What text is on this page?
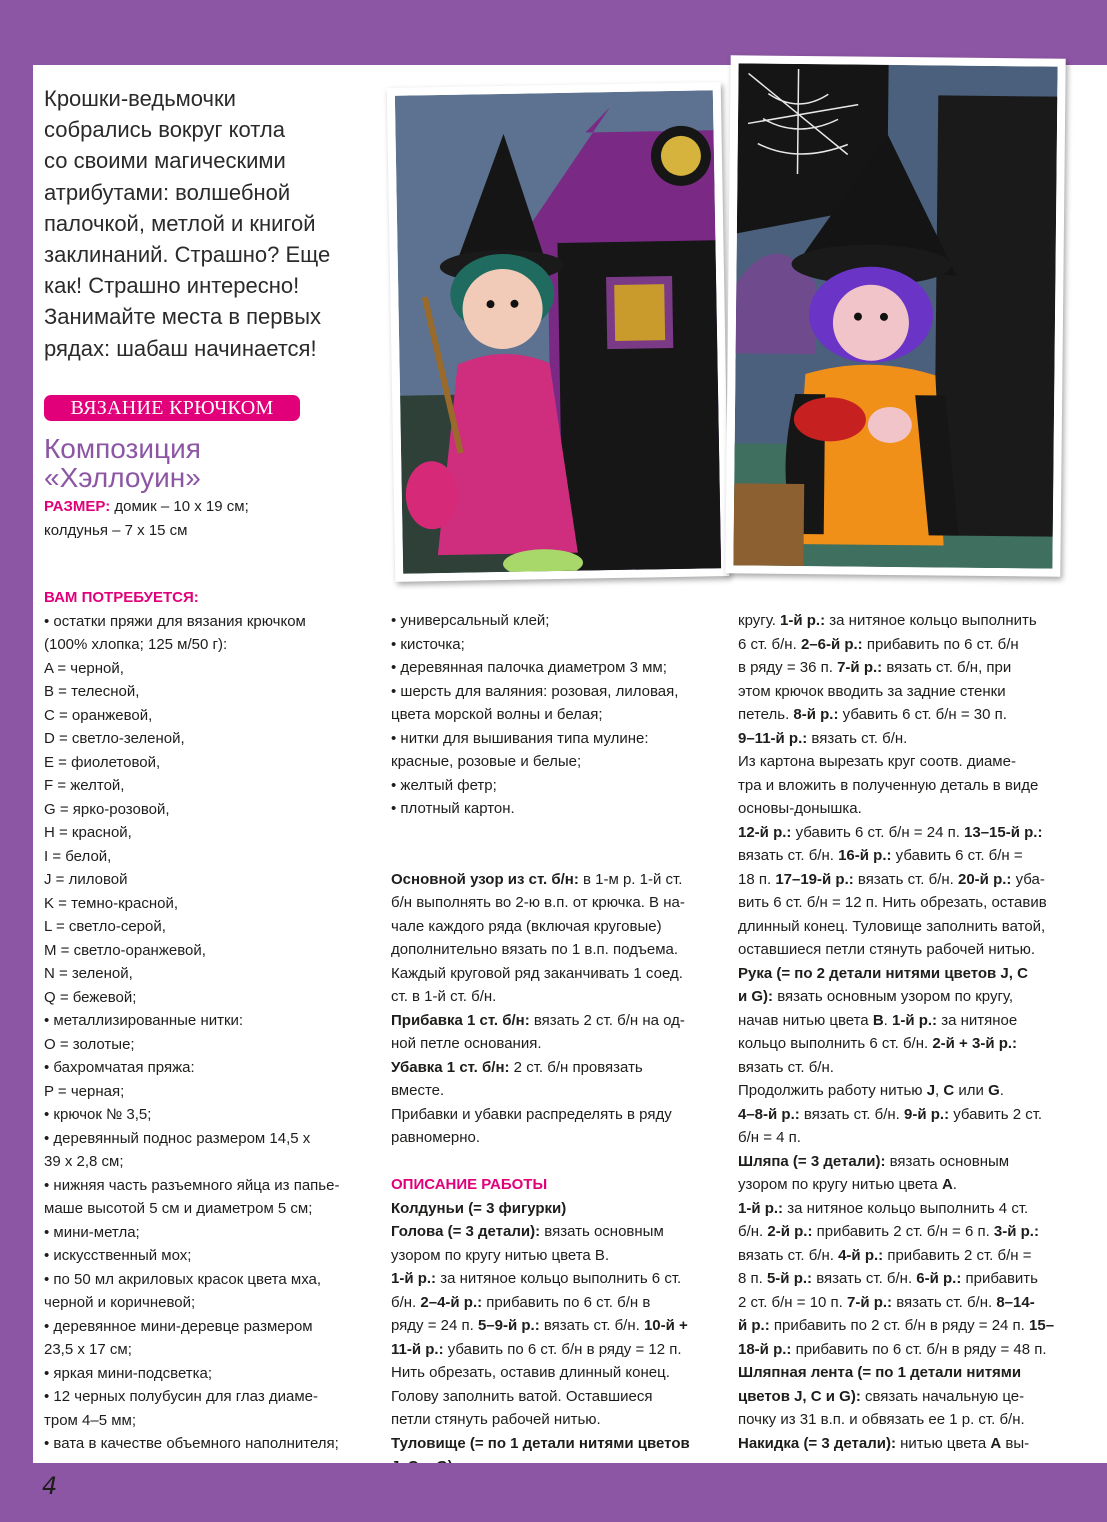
Крошки-ведьмочки
собрались вокруг котла
со своими магическими
атрибутами: волшебной
палочкой, метлой и книгой
заклинаний. Страшно? Еще
как! Страшно интересно!
Занимайте места в первых
рядах: шабаш начинается!
ВЯЗАНИЕ КРЮЧКОМ
Композиция
«Хэллоуин»
РАЗМЕР: домик – 10 x 19 см;
колдунья – 7 x 15 см
ВАМ ПОТРЕБУЕТСЯ:
• остатки пряжи для вязания крючком
(100% хлопка; 125 м/50 г):
A = черной,
B = телесной,
C = оранжевой,
D = светло-зеленой,
E = фиолетовой,
F = желтой,
G = ярко-розовой,
H = красной,
I = белой,
J = лиловой
K = темно-красной,
L = светло-серой,
M = светло-оранжевой,
N = зеленой,
Q = бежевой;
• металлизированные нитки:
O = золотые;
• бахромчатая пряжа:
P = черная;
• крючок № 3,5;
• деревянный поднос размером 14,5 x
39 x 2,8 см;
• нижняя часть разъемного яйца из папье-
маше высотой 5 см и диаметром 5 см;
• мини-метла;
• искусственный мох;
• по 50 мл акриловых красок цвета мха,
черной и коричневой;
• деревянное мини-деревце размером
23,5 x 17 см;
• яркая мини-подсветка;
• 12 черных полубусин для глаз диаме-
тром 4–5 мм;
• вата в качестве объемного наполнителя;
• универсальный клей;
• кисточка;
• деревянная палочка диаметром 3 мм;
• шерсть для валяния: розовая, лиловая,
цвета морской волны и белая;
• нитки для вышивания типа мулине:
красные, розовые и белые;
• желтый фетр;
• плотный картон.

Основной узор из ст. б/н: в 1-м р. 1-й ст.
б/н выполнять во 2-ю в.п. от крючка. В на-
чале каждого ряда (включая круговые)
дополнительно вязать по 1 в.п. подъема.
Каждый круговой ряд заканчивать 1 соед.
ст. в 1-й ст. б/н.
Прибавка 1 ст. б/н: вязать 2 ст. б/н на од-
ной петле основания.
Убавка 1 ст. б/н: 2 ст. б/н провязать
вместе.
Прибавки и убавки распределять в ряду
равномерно.

ОПИСАНИЕ РАБОТЫ
Колдуньи (= 3 фигурки)
Голова (= 3 детали): вязать основным
узором по кругу нитью цвета B.
1-й р.: за нитяное кольцо выполнить 6 ст.
б/н. 2–4-й р.: прибавить по 6 ст. б/н в
ряду = 24 п. 5–9-й р.: вязать ст. б/н. 10-й +
11-й р.: убавить по 6 ст. б/н в ряду = 12 п.
Нить обрезать, оставив длинный конец.
Голову заполнить ватой. Оставшиеся
петли стянуть рабочей нитью.
Туловище (= по 1 детали нитями цветов
кругу. 1-й р.: за нитяное кольцо выполнить
6 ст. б/н. 2–6-й р.: прибавить по 6 ст. б/н
в ряду = 36 п. 7-й р.: вязать ст. б/н, при
этом крючок вводить за задние стенки
петель. 8-й р.: убавить 6 ст. б/н = 30 п.
9–11-й р.: вязать ст. б/н.
Из картона вырезать круг соотв. диаме-
тра и вложить в полученную деталь в виде
основы-донышка.
12-й р.: убавить 6 ст. б/н = 24 п. 13–15-й р.:
вязать ст. б/н. 16-й р.: убавить 6 ст. б/н =
18 п. 17–19-й р.: вязать ст. б/н. 20-й р.: уба-
вить 6 ст. б/н = 12 п. Нить обрезать, оставив
длинный конец. Туловище заполнить ватой,
оставшиеся петли стянуть рабочей нитью.
Рука (= по 2 детали нитями цветов J, C
и G): вязать основным узором по кругу,
начав нитью цвета B. 1-й р.: за нитяное
кольцо выполнить 6 ст. б/н. 2-й + 3-й р.:
вязать ст. б/н.
Продолжить работу нитью J, C или G.
4–8-й р.: вязать ст. б/н. 9-й р.: убавить 2 ст.
б/н = 4 п.
Шляпа (= 3 детали): вязать основным
узором по кругу нитью цвета A.
1-й р.: за нитяное кольцо выполнить 4 ст.
б/н. 2-й р.: прибавить 2 ст. б/н = 6 п. 3-й р.:
вязать ст. б/н. 4-й р.: прибавить 2 ст. б/н =
8 п. 5-й р.: вязать ст. б/н. 6-й р.: прибавить
2 ст. б/н = 10 п. 7-й р.: вязать ст. б/н. 8–14-
й р.: прибавить по 2 ст. б/н в ряду = 24 п. 15–
18-й р.: прибавить по 6 ст. б/н в ряду = 48 п.
Шляпная лента (= по 1 детали нитями
цветов J, C и G): связать начальную це-
почку из 31 в.п. и обвязать ее 1 р. ст. б/н.
Накидка (= 3 детали): нитью цвета A вы-
4
